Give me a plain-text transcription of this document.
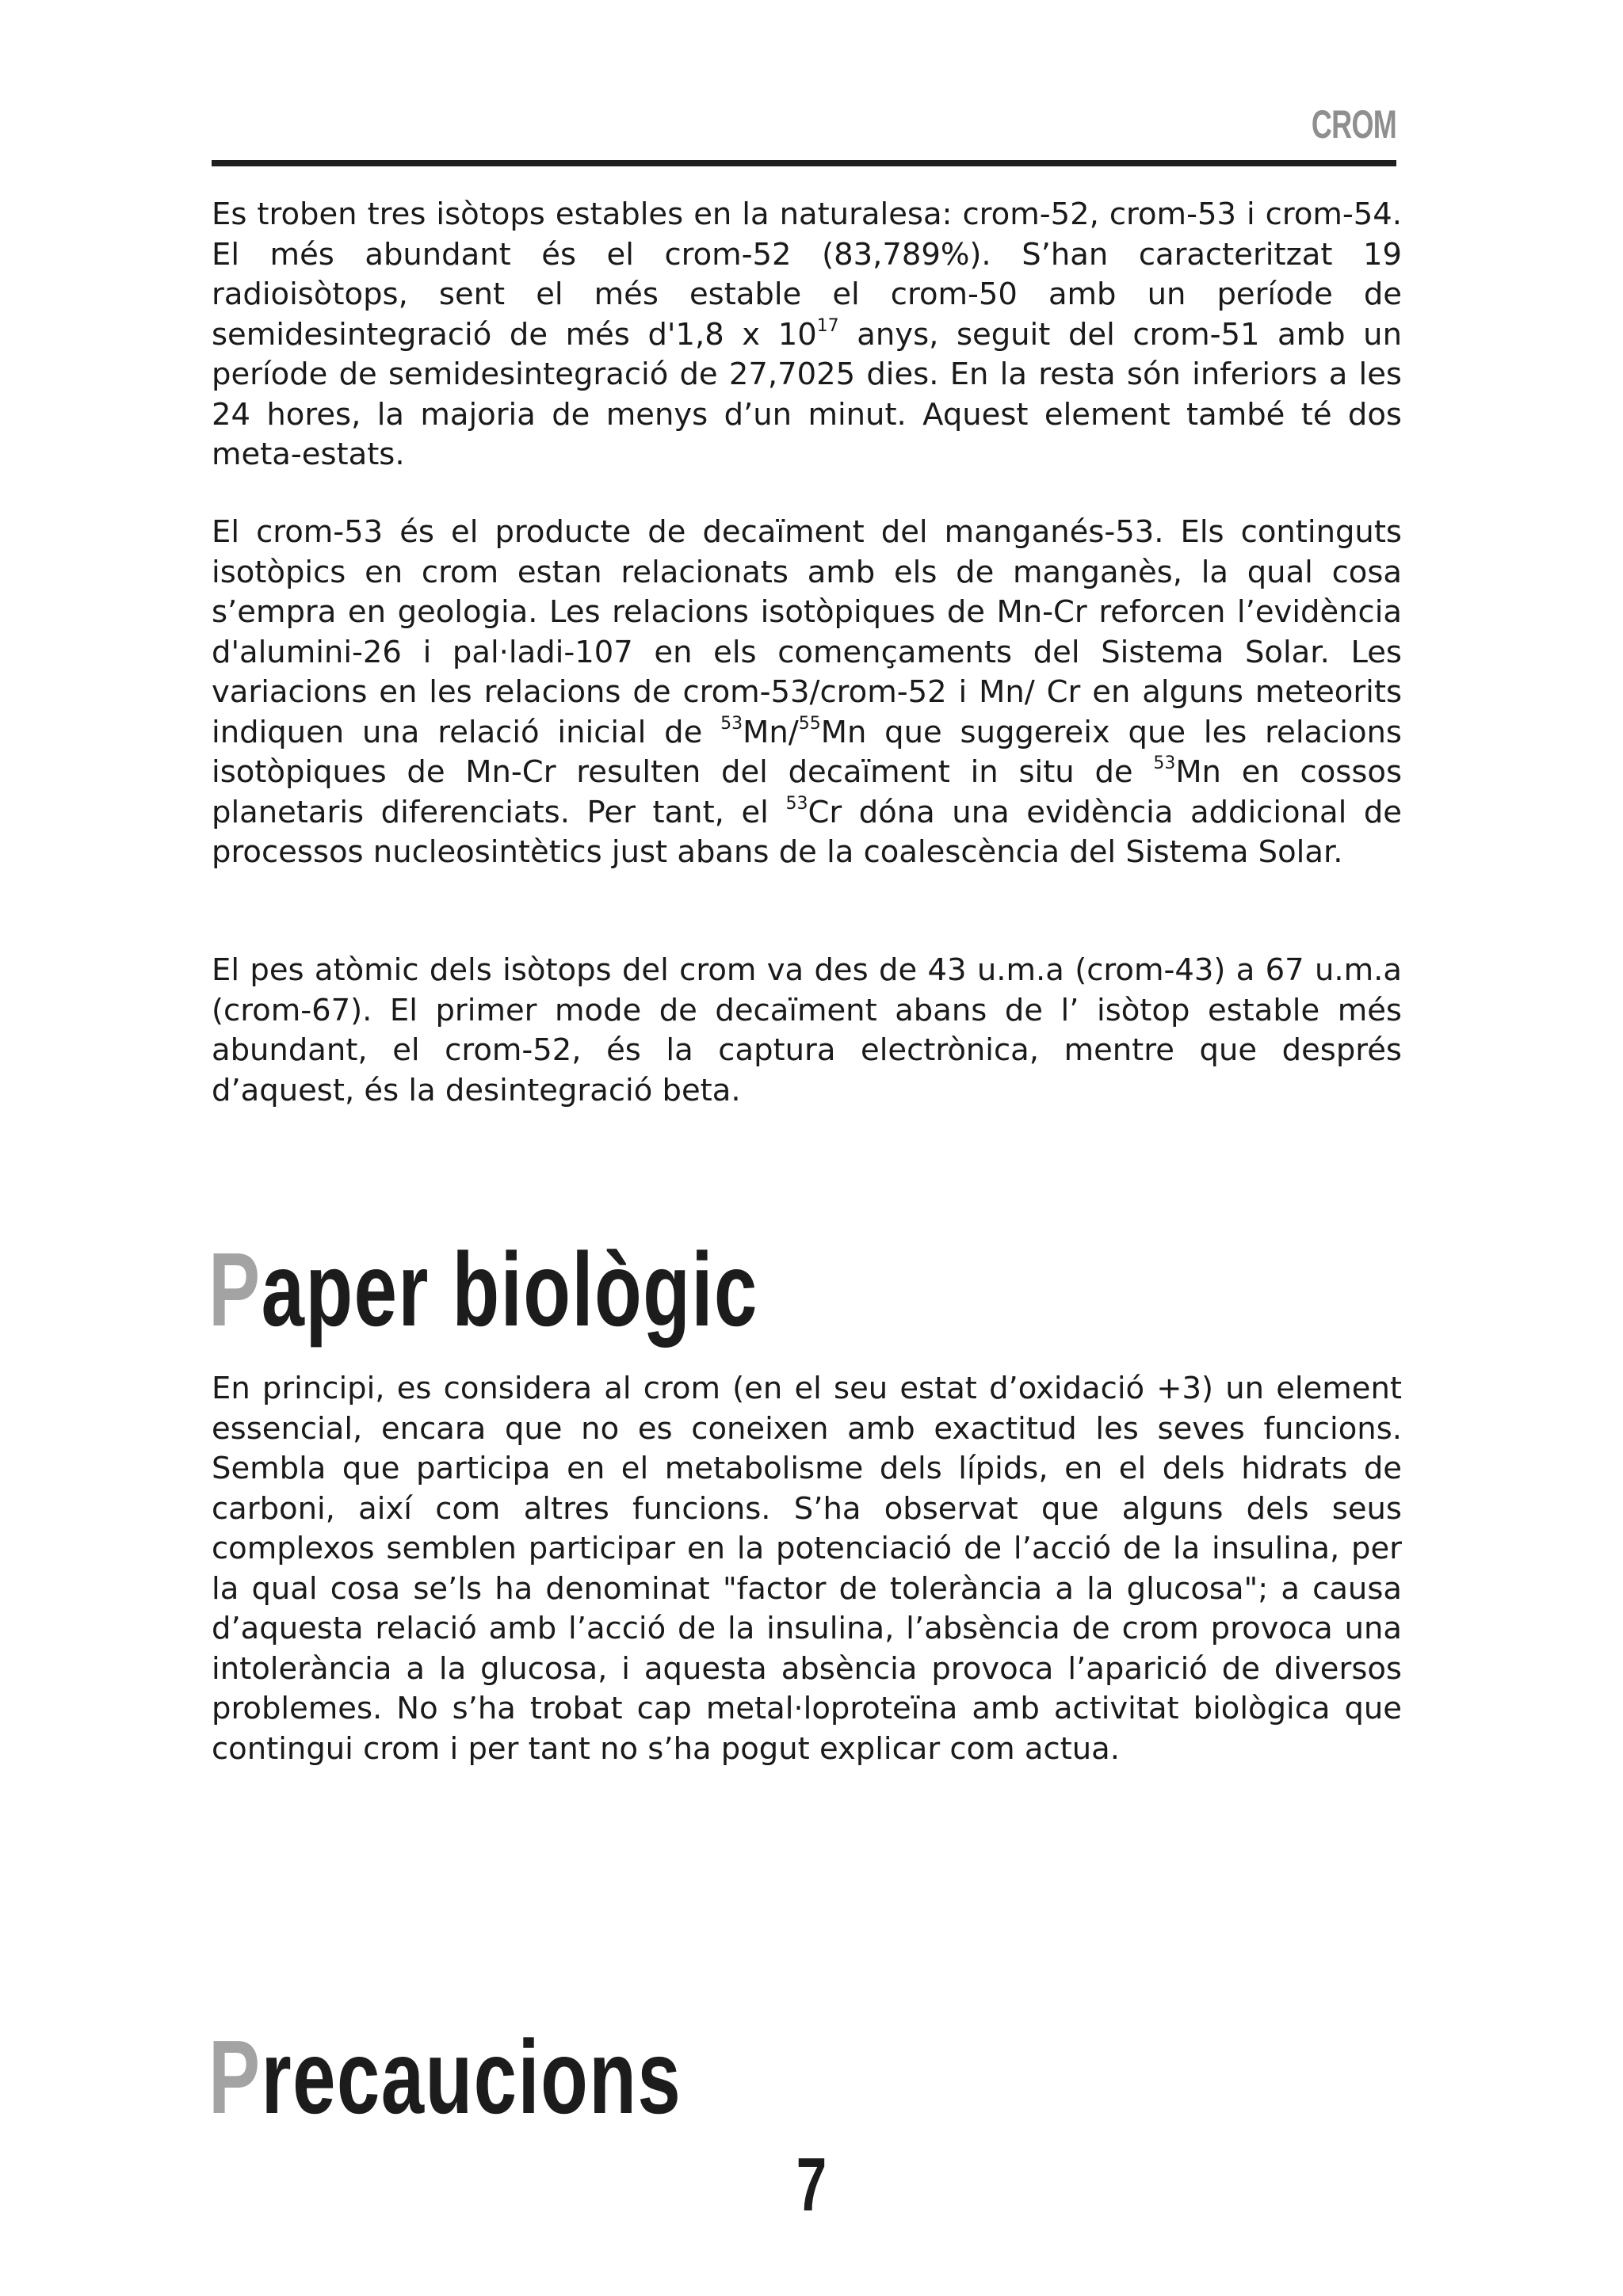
CROM

Es troben tres isòtops estables en la naturalesa: crom-52, crom-53 i crom-54. El més abundant és el crom-52 (83,789%). S’han caracteritzat 19 radioisòtops, sent el més estable el crom-50 amb un període de semidesintegració de més d'1,8 x $10^{17}$ anys, seguit del crom-51 amb un període de semidesintegració de 27,7025 dies. En la resta són inferiors a les 24 hores, la majoria de menys d’un minut. Aquest element també té dos meta-estats.

El crom-53 és el producte de decaïment del manganés-53. Els continguts isotòpics en crom estan relacionats amb els de manganès, la qual cosa s’empra en geologia. Les relacions isotòpiques de Mn-Cr reforcen l’evidència d'alumini-26 i pal·ladi-107 en els començaments del Sistema Solar. Les variacions en les relacions de crom-53/crom-52 i Mn/ Cr en alguns meteorits indiquen una relació inicial de $^{53}$Mn/$^{55}$Mn que suggereix que les relacions isotòpiques de Mn-Cr resulten del decaïment in situ de $^{53}$Mn en cossos planetaris diferenciats. Per tant, el $^{53}$Cr dóna una evidència addicional de processos nucleosintètics just abans de la coalescència del Sistema Solar.

El pes atòmic dels isòtops del crom va des de 43 u.m.a (crom-43) a 67 u.m.a (crom-67). El primer mode de decaïment abans de l’ isòtop estable més abundant, el crom-52, és la captura electrònica, mentre que després d’aquest, és la desintegració beta.

Paper biològic

En principi, es considera al crom (en el seu estat d’oxidació +3) un element essencial, encara que no es coneixen amb exactitud les seves funcions. Sembla que participa en el metabolisme dels lípids, en el dels hidrats de carboni, així com altres funcions. S’ha observat que alguns dels seus complexos semblen participar en la potenciació de l’acció de la insulina, per la qual cosa se’ls ha denominat "factor de tolerància a la glucosa"; a causa d’aquesta relació amb l’acció de la insulina, l’absència de crom provoca una intolerància a la glucosa, i aquesta absència provoca l’aparició de diversos problemes. No s’ha trobat cap metal·loproteïna amb activitat biològica que contingui crom i per tant no s’ha pogut explicar com actua.

Precaucions
7
